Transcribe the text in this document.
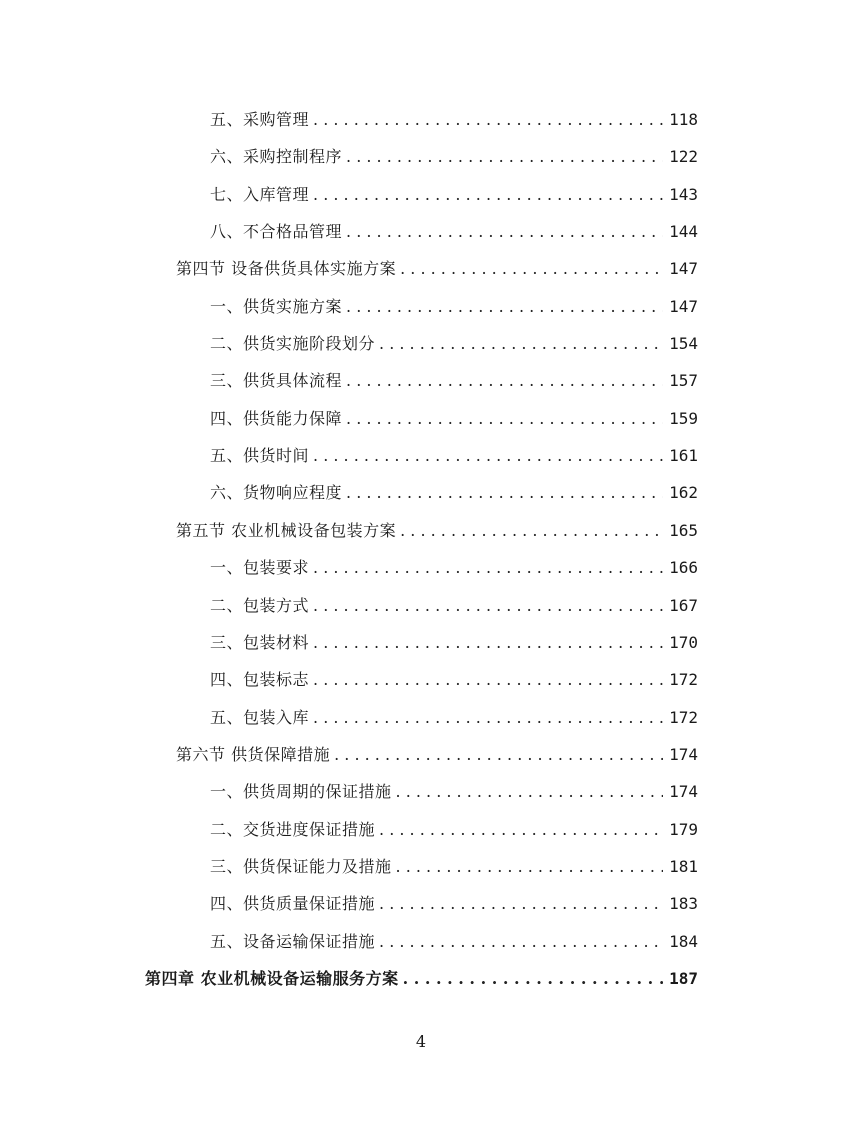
五、采购管理 . . .	118
六、采购控制程序 . . .	122
七、入库管理 . . .	143
八、不合格品管理 . . .	144
第四节 设备供货具体实施方案 . . .	147
一、供货实施方案 . . .	147
二、供货实施阶段划分 . . .	154
三、供货具体流程 . . .	157
四、供货能力保障 . . .	159
五、供货时间 . . .	161
六、货物响应程度 . . .	162
第五节 农业机械设备包装方案 . . .	165
一、包装要求 . . .	166
二、包装方式 . . .	167
三、包装材料 . . .	170
四、包装标志 . . .	172
五、包装入库 . . .	172
第六节 供货保障措施 . . .	174
一、供货周期的保证措施 . . .	174
二、交货进度保证措施 . . .	179
三、供货保证能力及措施 . . .	181
四、供货质量保证措施 . . .	183
五、设备运输保证措施 . . .	184
第四章 农业机械设备运输服务方案 . . .	187
4
